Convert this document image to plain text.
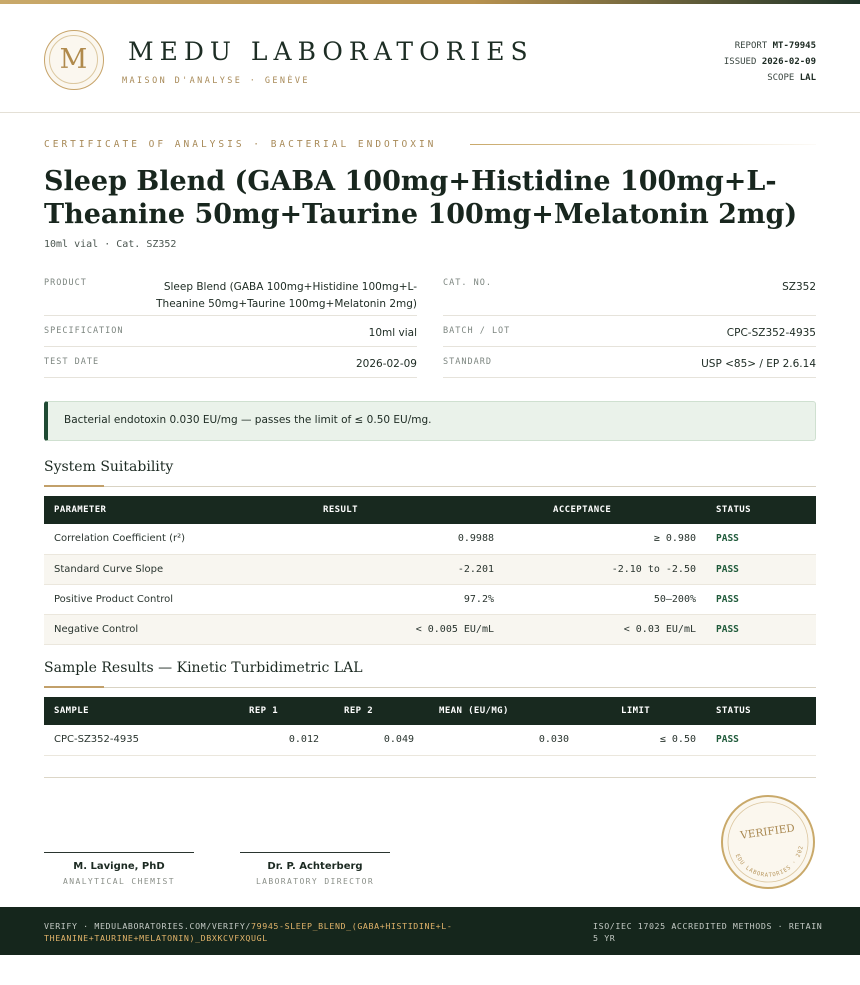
M	MEDU LABORATORIES
MAISON D'ANALYSE · GENÈVE
REPORT MT-79945
ISSUED 2026-02-09
SCOPE LAL
CERTIFICATE OF ANALYSIS · BACTERIAL ENDOTOXIN
Sleep Blend (GABA 100mg+Histidine 100mg+L-Theanine 50mg+Taurine 100mg+Melatonin 2mg)
10ml vial · Cat. SZ352
PRODUCT	Sleep Blend (GABA 100mg+Histidine 100mg+L-Theanine 50mg+Taurine 100mg+Melatonin 2mg)
SPECIFICATION	10ml vial
TEST DATE	2026-02-09
CAT. NO.	SZ352
BATCH / LOT	CPC-SZ352-4935
STANDARD	USP <85> / EP 2.6.14
Bacterial endotoxin 0.030 EU/mg — passes the limit of ≤ 0.50 EU/mg.
System Suitability
PARAMETER	RESULT	ACCEPTANCE	STATUS
Correlation Coefficient (r²)	0.9988	≥ 0.980	PASS
Standard Curve Slope	-2.201	-2.10 to -2.50	PASS
Positive Product Control	97.2%	50–200%	PASS
Negative Control	< 0.005 EU/mL	< 0.03 EU/mL	PASS
Sample Results — Kinetic Turbidimetric LAL
SAMPLE	REP 1	REP 2	MEAN (EU/MG)	LIMIT	STATUS
CPC-SZ352-4935	0.012	0.049	0.030	≤ 0.50	PASS
M. Lavigne, PhD
ANALYTICAL CHEMIST
Dr. P. Achterberg
LABORATORY DIRECTOR
VERIFIED
MEDU LABORATORIES · 2026
VERIFY · MEDULABORATORIES.COM/VERIFY/79945-SLEEP_BLEND_(GABA+HISTIDINE+L-THEANINE+TAURINE+MELATONIN)_DBXKCVFXQUGL
ISO/IEC 17025 ACCREDITED METHODS · RETAIN 5 YR
